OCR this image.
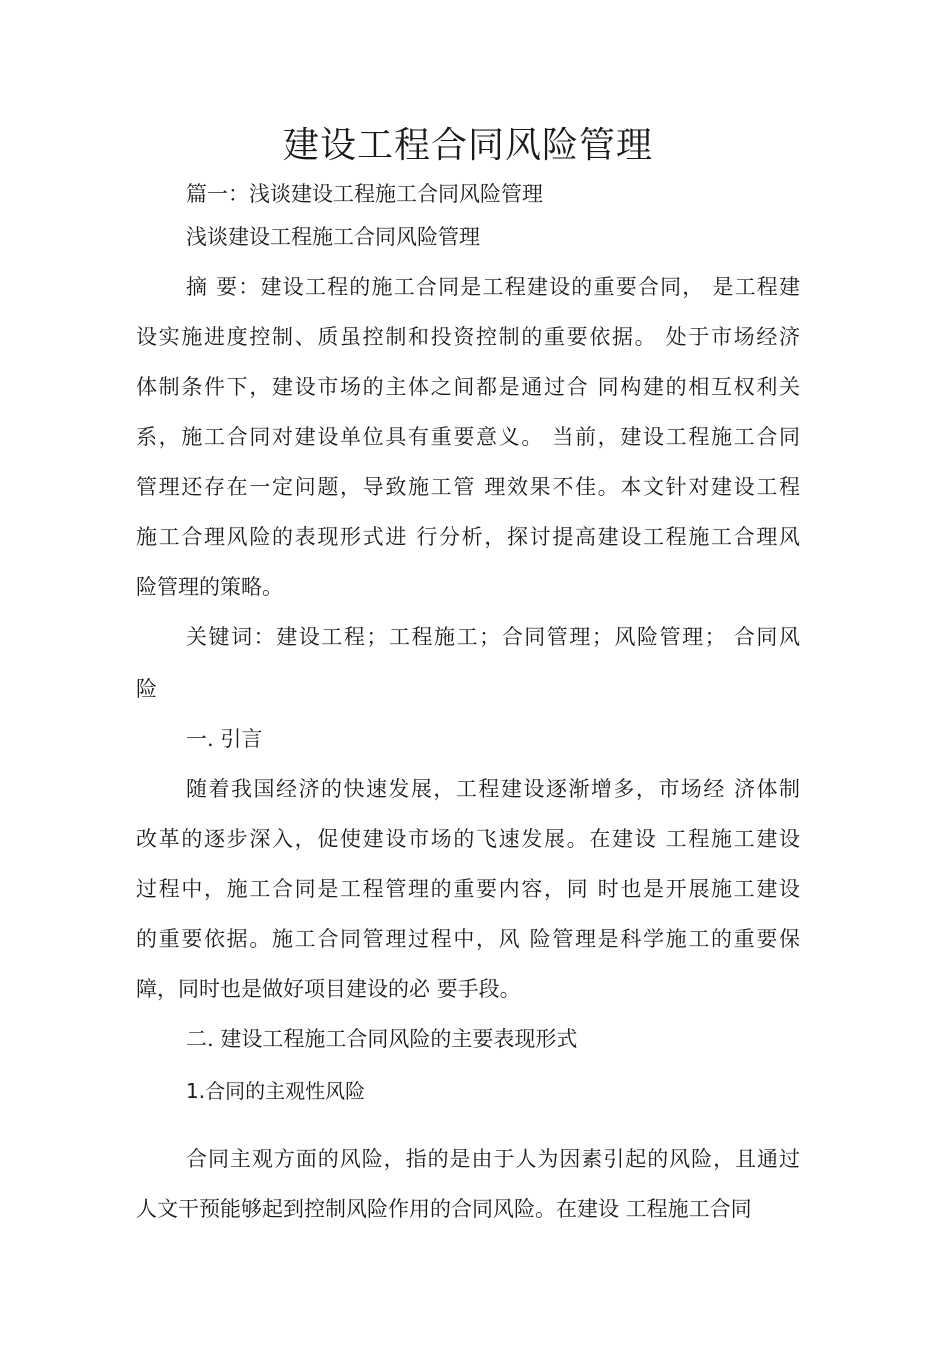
建设工程合同风险管理
篇一：浅谈建设工程施工合同风险管理
浅谈建设工程施工合同风险管理
摘 要：建设工程的施工合同是工程建设的重要合同， 是工程建
设实施进度控制、质虽控制和投资控制的重要依据。 处于市场经济
体制条件下，建设市场的主体之间都是通过合 同构建的相互权利关
系，施工合同对建设单位具有重要意义。 当前，建设工程施工合同
管理还存在一定问题，导致施工管 理效果不佳。本文针对建设工程
施工合理风险的表现形式进 行分析，探讨提高建设工程施工合理风
险管理的策略。
关键词：建设工程；工程施工；合同管理；风险管理； 合同风
险
一. 引言
随着我国经济的快速发展，工程建设逐渐增多，市场经 济体制
改革的逐步深入，促使建设市场的飞速发展。在建设 工程施工建设
过程中，施工合同是工程管理的重要内容，同 时也是开展施工建设
的重要依据。施工合同管理过程中，风 险管理是科学施工的重要保
障，同时也是做好项目建设的必 要手段。
二. 建设工程施工合同风险的主要表现形式
1.合同的主观性风险
合同主观方面的风险，指的是由于人为因素引起的风险，且通过
人文干预能够起到控制风险作用的合同风险。在建设 工程施工合同
